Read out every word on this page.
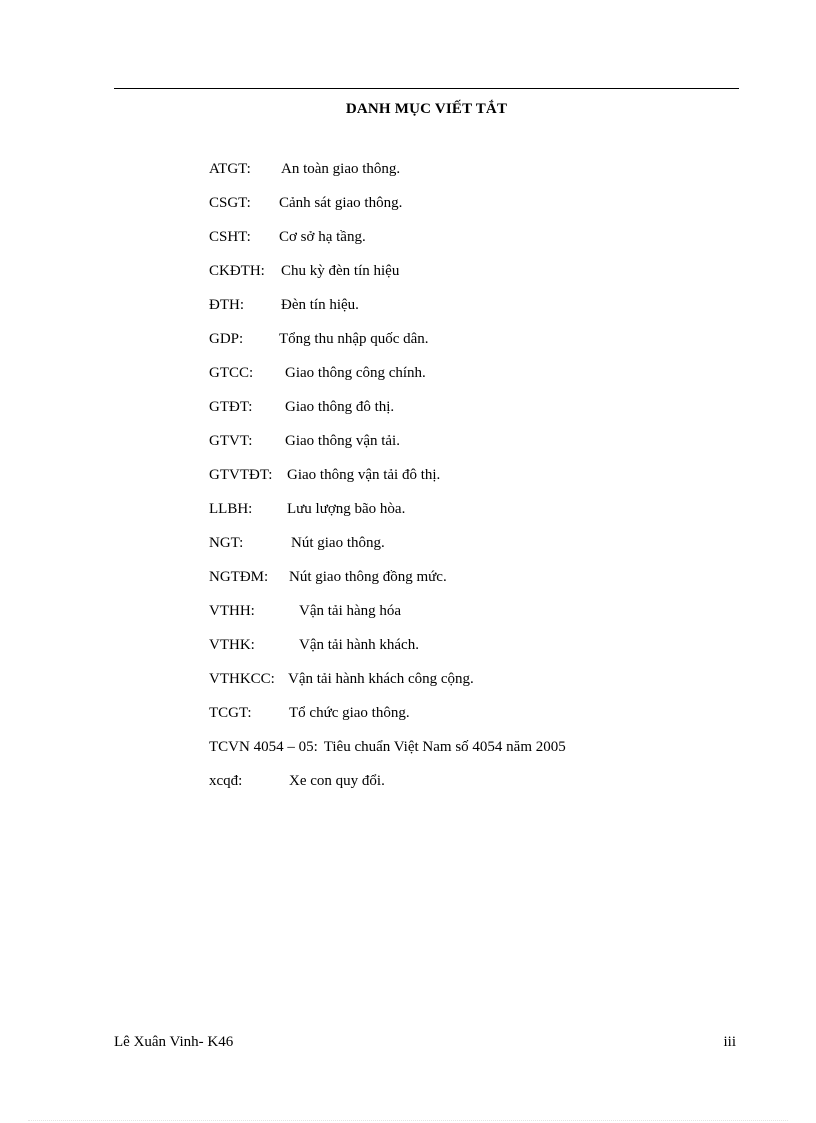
DANH MỤC VIẾT TẮT
ATGT: An toàn giao thông.
CSGT: Cảnh sát giao thông.
CSHT: Cơ sở hạ tầng.
CKĐTH: Chu kỳ đèn tín hiệu
ĐTH: Đèn tín hiệu.
GDP: Tổng thu nhập quốc dân.
GTCC: Giao thông công chính.
GTĐT: Giao thông đô thị.
GTVT: Giao thông vận tải.
GTVTĐT: Giao thông vận tải đô thị.
LLBH: Lưu lượng bão hòa.
NGT:	Nút giao thông.
NGTĐM: Nút giao thông đồng mức.
VTHH:	Vận tải hàng hóa
VTHK:	Vận tải hành khách.
VTHKCC: Vận tải hành khách công cộng.
TCGT: Tổ chức giao thông.
TCVN 4054 – 05: Tiêu chuẩn Việt Nam số 4054 năm 2005
xcqđ:	Xe con quy đổi.
Lê Xuân Vinh- K46	iii
